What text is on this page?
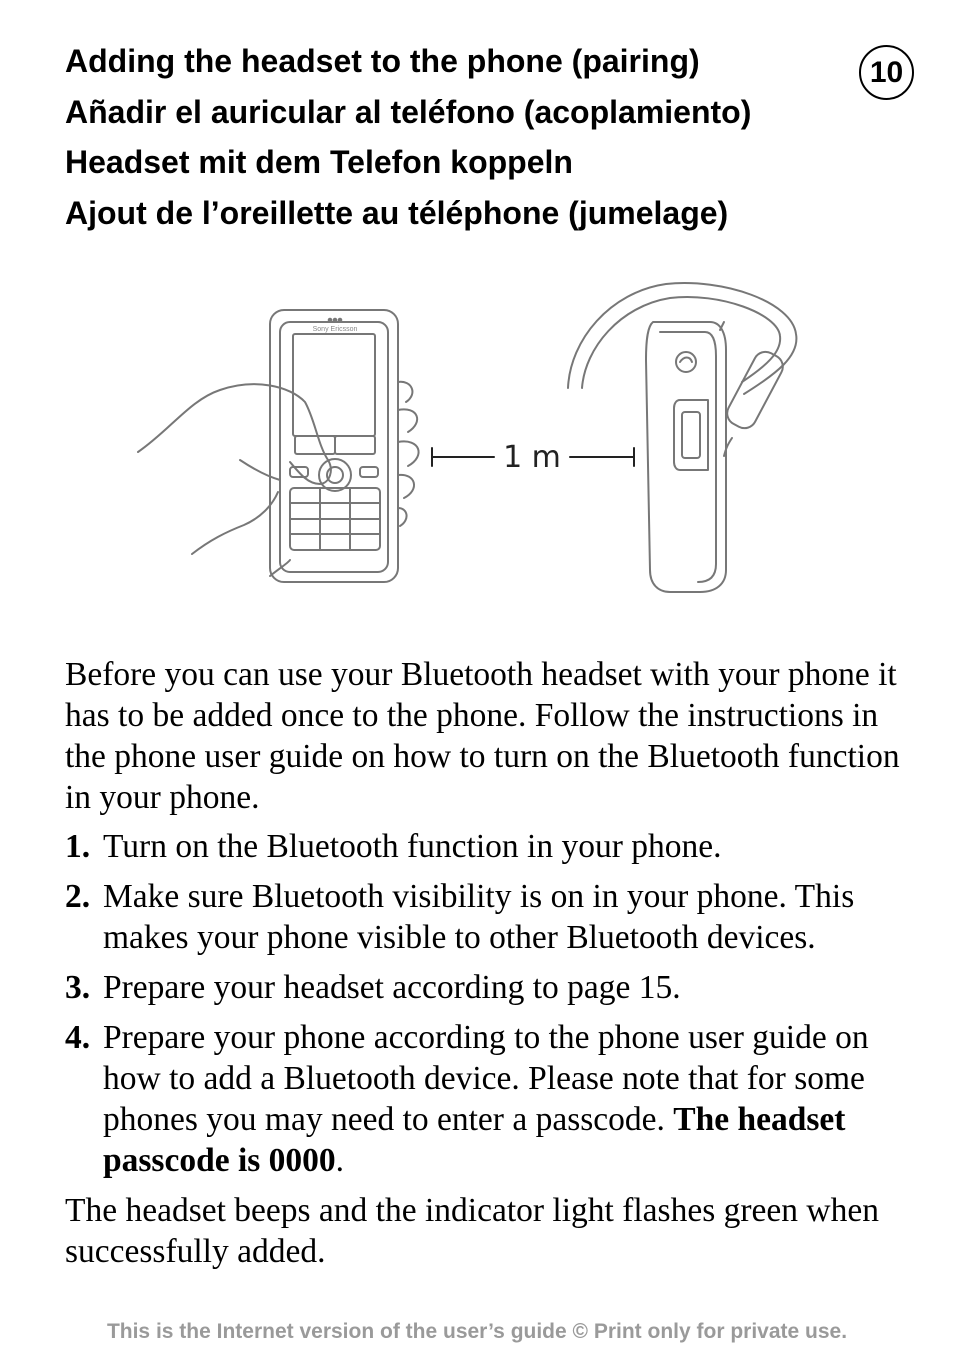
Adding the headset to the phone (pairing)
Añadir el auricular al teléfono (acoplamiento)
Headset mit dem Telefon koppeln
Ajout de l’oreillette au téléphone (jumelage)
10
Sony Ericsson
1 m

Before you can use your Bluetooth headset with your phone it has to be added once to the phone. Follow the instructions in the phone user guide on how to turn on the Bluetooth function in your phone.

1. Turn on the Bluetooth function in your phone.
2. Make sure Bluetooth visibility is on in your phone. This makes your phone visible to other Bluetooth devices.
3. Prepare your headset according to page 15.
4. Prepare your phone according to the phone user guide on how to add a Bluetooth device. Please note that for some phones you may need to enter a passcode. The headset passcode is 0000.

The headset beeps and the indicator light flashes green when successfully added.

This is the Internet version of the user’s guide © Print only for private use.
